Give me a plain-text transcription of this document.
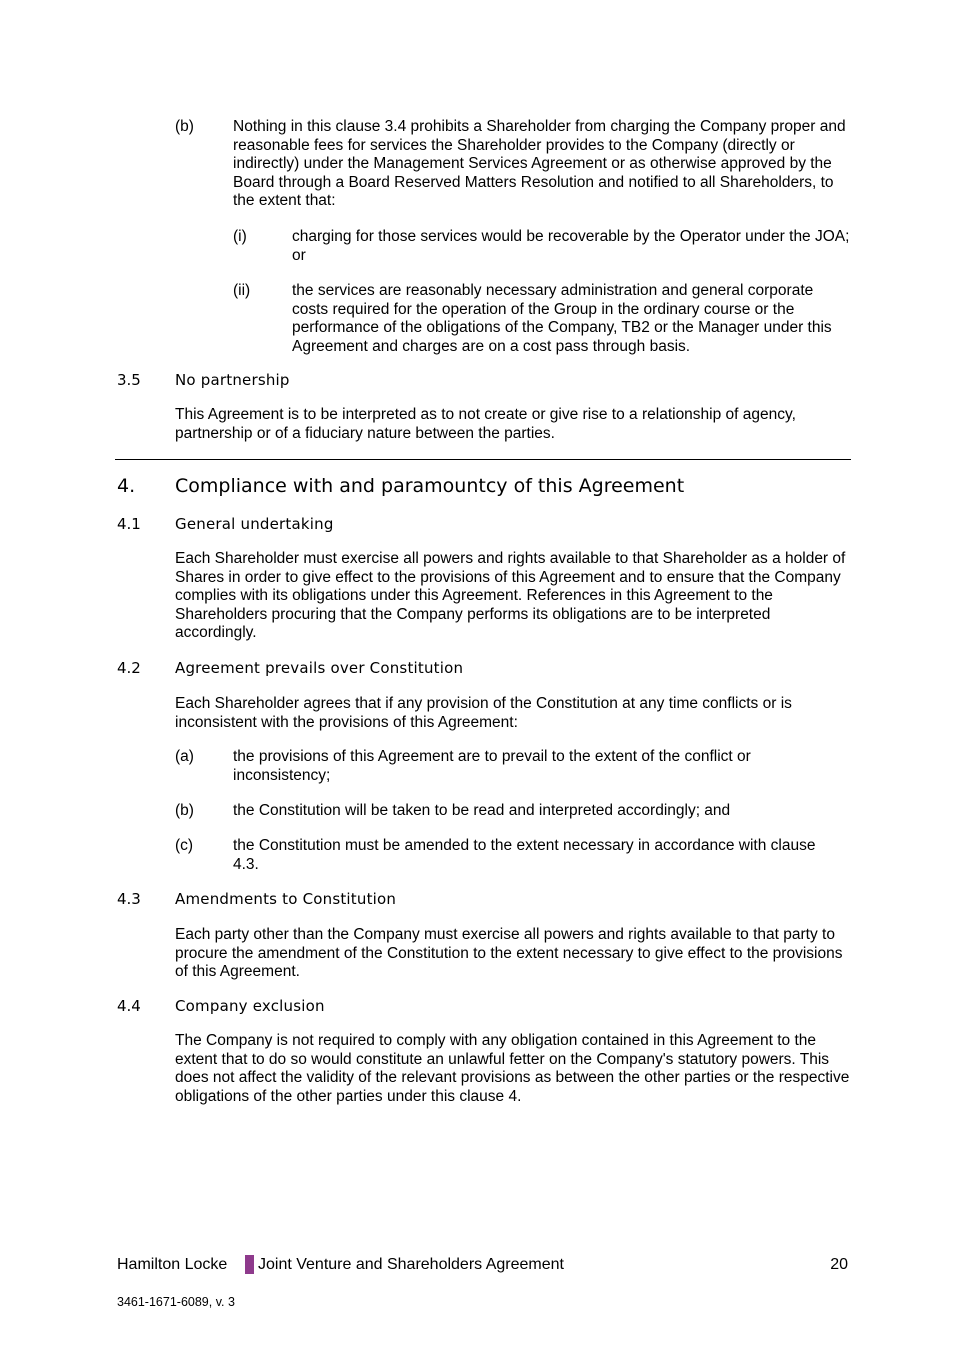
(b)	Nothing in this clause 3.4 prohibits a Shareholder from charging the Company proper and reasonable fees for services the Shareholder provides to the Company (directly or indirectly) under the Management Services Agreement or as otherwise approved by the Board through a Board Reserved Matters Resolution and notified to all Shareholders, to the extent that:

(i)	charging for those services would be recoverable by the Operator under the JOA; or

(ii)	the services are reasonably necessary administration and general corporate costs required for the operation of the Group in the ordinary course or the performance of the obligations of the Company, TB2 or the Manager under this Agreement and charges are on a cost pass through basis.

3.5 No partnership

This Agreement is to be interpreted as to not create or give rise to a relationship of agency, partnership or of a fiduciary nature between the parties.

4. Compliance with and paramountcy of this Agreement
4.1 General undertaking

Each Shareholder must exercise all powers and rights available to that Shareholder as a holder of Shares in order to give effect to the provisions of this Agreement and to ensure that the Company complies with its obligations under this Agreement. References in this Agreement to the Shareholders procuring that the Company performs its obligations are to be interpreted accordingly.

4.2 Agreement prevails over Constitution

Each Shareholder agrees that if any provision of the Constitution at any time conflicts or is inconsistent with the provisions of this Agreement:

(a)	the provisions of this Agreement are to prevail to the extent of the conflict or inconsistency;

(b)	the Constitution will be taken to be read and interpreted accordingly; and

(c)	the Constitution must be amended to the extent necessary in accordance with clause 4.3.

4.3 Amendments to Constitution

Each party other than the Company must exercise all powers and rights available to that party to procure the amendment of the Constitution to the extent necessary to give effect to the provisions of this Agreement.

4.4 Company exclusion

The Company is not required to comply with any obligation contained in this Agreement to the extent that to do so would constitute an unlawful fetter on the Company's statutory powers. This does not affect the validity of the relevant provisions as between the other parties or the respective obligations of the other parties under this clause 4.

Hamilton Locke Joint Venture and Shareholders Agreement	20
3461-1671-6089, v. 3
